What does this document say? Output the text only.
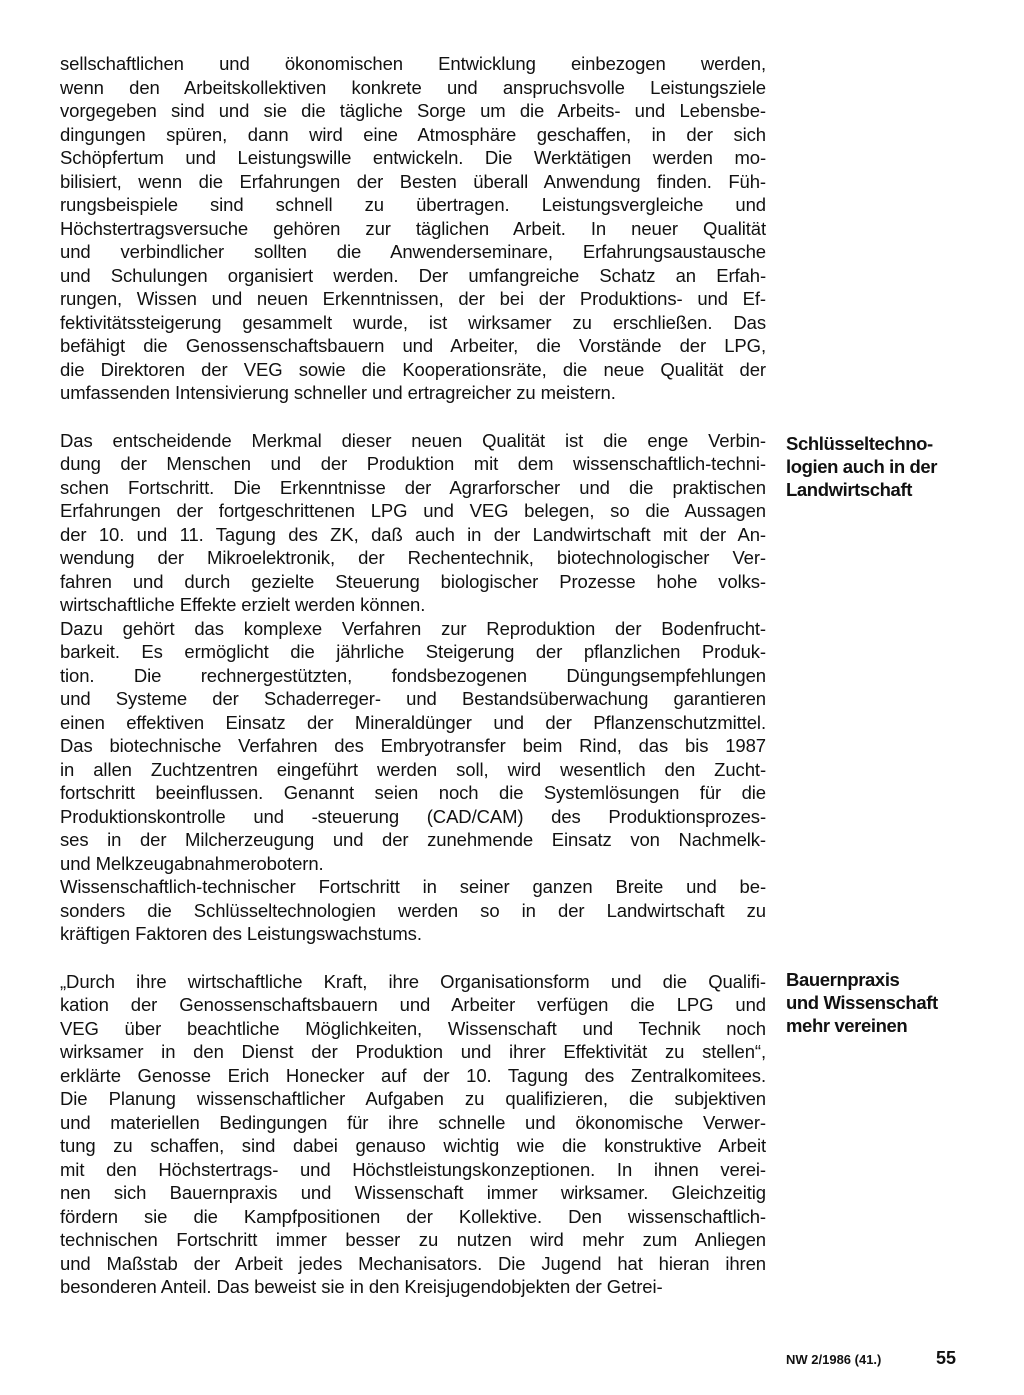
sellschaftlichen und ökonomischen Entwicklung einbezogen werden,
wenn den Arbeitskollektiven konkrete und anspruchsvolle Leistungsziele
vorgegeben sind und sie die tägliche Sorge um die Arbeits- und Lebensbe-
dingungen spüren, dann wird eine Atmosphäre geschaffen, in der sich
Schöpfertum und Leistungswille entwickeln. Die Werktätigen werden mo-
bilisiert, wenn die Erfahrungen der Besten überall Anwendung finden. Füh-
rungsbeispiele sind schnell zu übertragen. Leistungsvergleiche und
Höchstertragsversuche gehören zur täglichen Arbeit. In neuer Qualität
und verbindlicher sollten die Anwenderseminare, Erfahrungsaustausche
und Schulungen organisiert werden. Der umfangreiche Schatz an Erfah-
rungen, Wissen und neuen Erkenntnissen, der bei der Produktions- und Ef-
fektivitätssteigerung gesammelt wurde, ist wirksamer zu erschließen. Das
befähigt die Genossenschaftsbauern und Arbeiter, die Vorstände der LPG,
die Direktoren der VEG sowie die Kooperationsräte, die neue Qualität der
umfassenden Intensivierung schneller und ertragreicher zu meistern.

Das entscheidende Merkmal dieser neuen Qualität ist die enge Verbin-
dung der Menschen und der Produktion mit dem wissenschaftlich-techni-
schen Fortschritt. Die Erkenntnisse der Agrarforscher und die praktischen
Erfahrungen der fortgeschrittenen LPG und VEG belegen, so die Aussagen
der 10. und 11. Tagung des ZK, daß auch in der Landwirtschaft mit der An-
wendung der Mikroelektronik, der Rechentechnik, biotechnologischer Ver-
fahren und durch gezielte Steuerung biologischer Prozesse hohe volks-
wirtschaftliche Effekte erzielt werden können.
Dazu gehört das komplexe Verfahren zur Reproduktion der Bodenfrucht-
barkeit. Es ermöglicht die jährliche Steigerung der pflanzlichen Produk-
tion. Die rechnergestützten, fondsbezogenen Düngungsempfehlungen
und Systeme der Schaderreger- und Bestandsüberwachung garantieren
einen effektiven Einsatz der Mineraldünger und der Pflanzenschutzmittel.
Das biotechnische Verfahren des Embryotransfer beim Rind, das bis 1987
in allen Zuchtzentren eingeführt werden soll, wird wesentlich den Zucht-
fortschritt beeinflussen. Genannt seien noch die Systemlösungen für die
Produktionskontrolle und -steuerung (CAD/CAM) des Produktionsprozes-
ses in der Milcherzeugung und der zunehmende Einsatz von Nachmelk-
und Melkzeugabnahmerobotern.
Wissenschaftlich-technischer Fortschritt in seiner ganzen Breite und be-
sonders die Schlüsseltechnologien werden so in der Landwirtschaft zu
kräftigen Faktoren des Leistungswachstums.

„Durch ihre wirtschaftliche Kraft, ihre Organisationsform und die Qualifi-
kation der Genossenschaftsbauern und Arbeiter verfügen die LPG und
VEG über beachtliche Möglichkeiten, Wissenschaft und Technik noch
wirksamer in den Dienst der Produktion und ihrer Effektivität zu stellen“,
erklärte Genosse Erich Honecker auf der 10. Tagung des Zentralkomitees.
Die Planung wissenschaftlicher Aufgaben zu qualifizieren, die subjektiven
und materiellen Bedingungen für ihre schnelle und ökonomische Verwer-
tung zu schaffen, sind dabei genauso wichtig wie die konstruktive Arbeit
mit den Höchstertrags- und Höchstleistungskonzeptionen. In ihnen verei-
nen sich Bauernpraxis und Wissenschaft immer wirksamer. Gleichzeitig
fördern sie die Kampfpositionen der Kollektive. Den wissenschaftlich-
technischen Fortschritt immer besser zu nutzen wird mehr zum Anliegen
und Maßstab der Arbeit jedes Mechanisators. Die Jugend hat hieran ihren
besonderen Anteil. Das beweist sie in den Kreisjugendobjekten der Getrei-

Schlüsseltechno-
logien auch in der
Landwirtschaft
Bauernpraxis
und Wissenschaft
mehr vereinen
NW 2/1986 (41.)	55
